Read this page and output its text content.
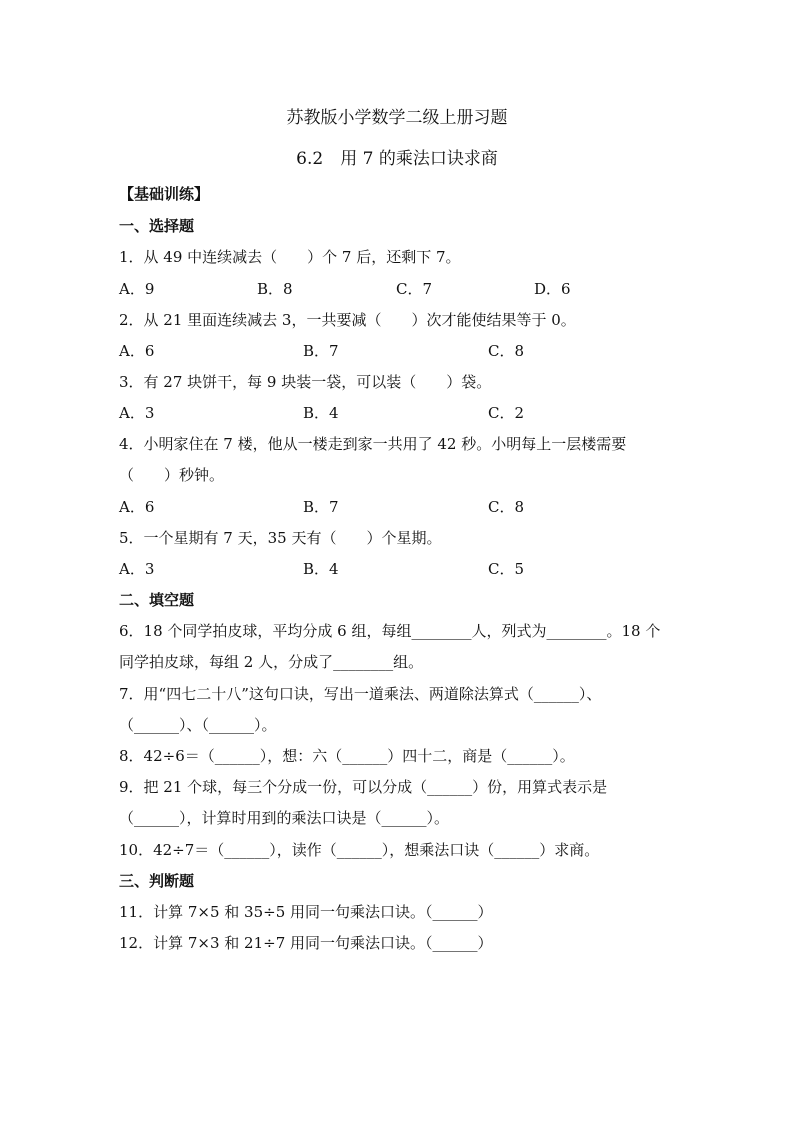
苏教版小学数学二级上册习题
6.2　用 7 的乘法口诀求商
【基础训练】
一、选择题
1．从 49 中连续减去（　　）个 7 后，还剩下 7。
A．9	B．8	C．7	D．6
2．从 21 里面连续减去 3，一共要减（　　）次才能使结果等于 0。
A．6	B．7	C．8
3．有 27 块饼干，每 9 块装一袋，可以装（　　）袋。
A．3	B．4	C．2
4．小明家住在 7 楼，他从一楼走到家一共用了 42 秒。小明每上一层楼需要
（　　）秒钟。
A．6	B．7	C．8
5．一个星期有 7 天，35 天有（　　）个星期。
A．3	B．4	C．5
二、填空题
6．18 个同学拍皮球，平均分成 6 组，每组________人，列式为________。18 个
同学拍皮球，每组 2 人，分成了________组。
7．用“四七二十八”这句口诀，写出一道乘法、两道除法算式（______）、
（______）、（______）。
8．42÷6＝（______），想：六（______）四十二，商是（______）。
9．把 21 个球，每三个分成一份，可以分成（______）份，用算式表示是
（______），计算时用到的乘法口诀是（______）。
10．42÷7＝（______），读作（______），想乘法口诀（______）求商。
三、判断题
11．计算 7×5 和 35÷5 用同一句乘法口诀。（______）
12．计算 7×3 和 21÷7 用同一句乘法口诀。（______）
